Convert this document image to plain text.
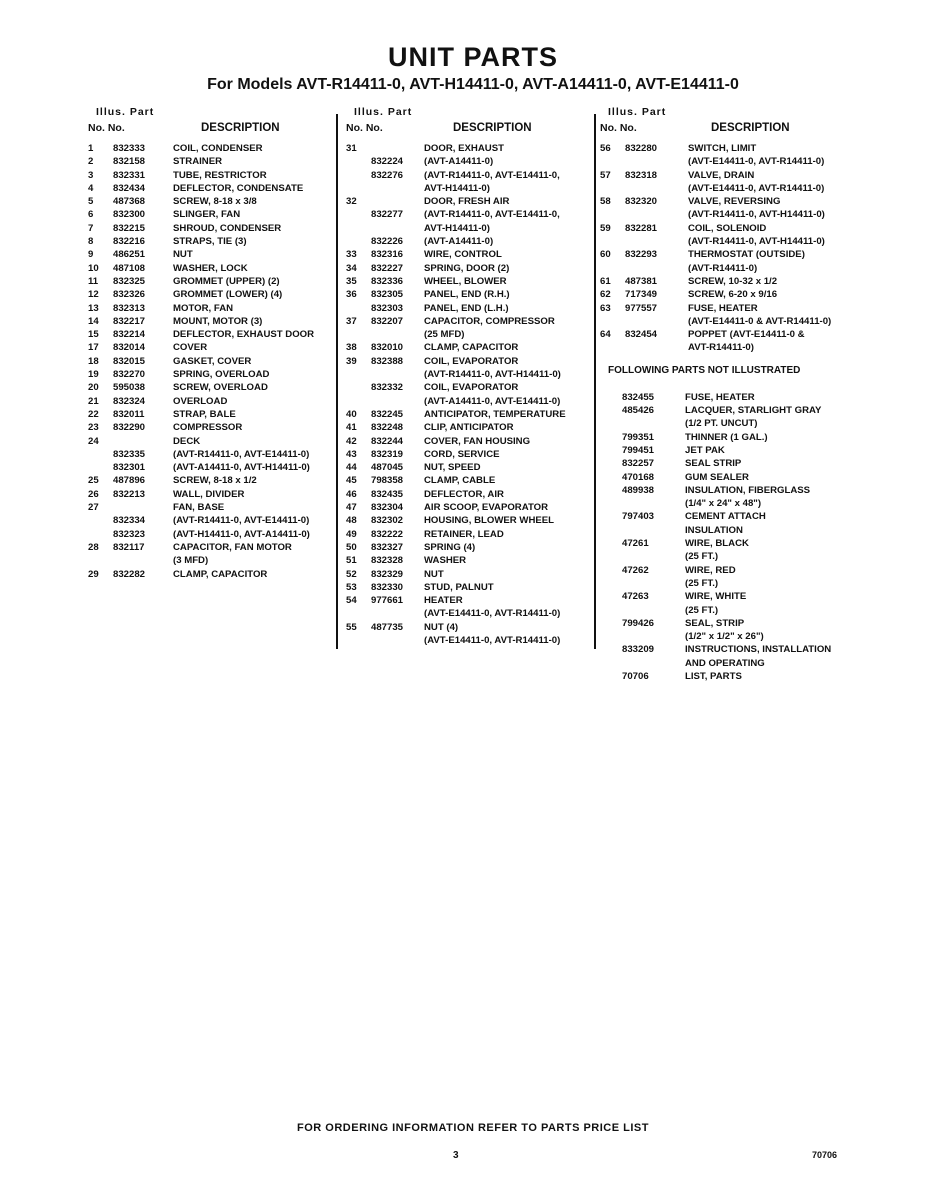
UNIT PARTS
For Models AVT-R14411-0, AVT-H14411-0, AVT-A14411-0, AVT-E14411-0
Illus. Part
No. No.	DESCRIPTION
1 832333	COIL, CONDENSER
2 832158	STRAINER
3 832331	TUBE, RESTRICTOR
4 832434	DEFLECTOR, CONDENSATE
5 487368	SCREW, 8-18 x 3/8
6 832300	SLINGER, FAN
7 832215	SHROUD, CONDENSER
8 832216	STRAPS, TIE (3)
9 486251	NUT
10 487108	WASHER, LOCK
11 832325	GROMMET (UPPER) (2)
12 832326	GROMMET (LOWER) (4)
13 832313	MOTOR, FAN
14 832217	MOUNT, MOTOR (3)
15 832214	DEFLECTOR, EXHAUST DOOR
17 832014	COVER
18 832015	GASKET, COVER
19 832270	SPRING, OVERLOAD
20 595038	SCREW, OVERLOAD
21 832324	OVERLOAD
22 832011	STRAP, BALE
23 832290	COMPRESSOR
24	DECK
832335	(AVT-R14411-0, AVT-E14411-0)
832301	(AVT-A14411-0, AVT-H14411-0)
25 487896	SCREW, 8-18 x 1/2
26 832213	WALL, DIVIDER
27	FAN, BASE
832334	(AVT-R14411-0, AVT-E14411-0)
832323	(AVT-H14411-0, AVT-A14411-0)
28 832117	CAPACITOR, FAN MOTOR
(3 MFD)
29 832282	CLAMP, CAPACITOR
Illus. Part
No. No.	DESCRIPTION
31	DOOR, EXHAUST
832224 (AVT-A14411-0)
832276 (AVT-R14411-0, AVT-E14411-0,
AVT-H14411-0)
32	DOOR, FRESH AIR
832277 (AVT-R14411-0, AVT-E14411-0,
AVT-H14411-0)
832226 (AVT-A14411-0)
33 832316 WIRE, CONTROL
34 832227 SPRING, DOOR (2)
35 832336 WHEEL, BLOWER
36 832305 PANEL, END (R.H.)
832303 PANEL, END (L.H.)
37 832207 CAPACITOR, COMPRESSOR
(25 MFD)
38 832010 CLAMP, CAPACITOR
39 832388 COIL, EVAPORATOR
(AVT-R14411-0, AVT-H14411-0)
832332 COIL, EVAPORATOR
(AVT-A14411-0, AVT-E14411-0)
40 832245 ANTICIPATOR, TEMPERATURE
41 832248 CLIP, ANTICIPATOR
42 832244 COVER, FAN HOUSING
43 832319 CORD, SERVICE
44 487045 NUT, SPEED
45 798358 CLAMP, CABLE
46 832435 DEFLECTOR, AIR
47 832304 AIR SCOOP, EVAPORATOR
48 832302 HOUSING, BLOWER WHEEL
49 832222 RETAINER, LEAD
50 832327 SPRING (4)
51 832328 WASHER
52 832329 NUT
53 832330 STUD, PALNUT
54 977661 HEATER
(AVT-E14411-0, AVT-R14411-0)
55 487735 NUT (4)
(AVT-E14411-0, AVT-R14411-0)
Illus. Part
No. No.	DESCRIPTION
56 832280	SWITCH, LIMIT
(AVT-E14411-0, AVT-R14411-0)
57 832318	VALVE, DRAIN
(AVT-E14411-0, AVT-R14411-0)
58 832320	VALVE, REVERSING
(AVT-R14411-0, AVT-H14411-0)
59 832281	COIL, SOLENOID
(AVT-R14411-0, AVT-H14411-0)
60 832293	THERMOSTAT (OUTSIDE)
(AVT-R14411-0)
61 487381	SCREW, 10-32 x 1/2
62 717349	SCREW, 6-20 x 9/16
63 977557	FUSE, HEATER
(AVT-E14411-0 & AVT-R14411-0)
64 832454	POPPET (AVT-E14411-0 &
AVT-R14411-0)
FOLLOWING PARTS NOT ILLUSTRATED
832455	FUSE, HEATER
485426	LACQUER, STARLIGHT GRAY
(1/2 PT. UNCUT)
799351	THINNER (1 GAL.)
799451	JET PAK
832257	SEAL STRIP
470168	GUM SEALER
489938	INSULATION, FIBERGLASS
(1/4" x 24" x 48")
797403	CEMENT ATTACH
INSULATION
47261	WIRE, BLACK
(25 FT.)
47262	WIRE, RED
(25 FT.)
47263	WIRE, WHITE
(25 FT.)
799426	SEAL, STRIP
(1/2" x 1/2" x 26")
833209	INSTRUCTIONS, INSTALLATION
AND OPERATING
70706	LIST, PARTS
FOR ORDERING INFORMATION REFER TO PARTS PRICE LIST
3	70706
